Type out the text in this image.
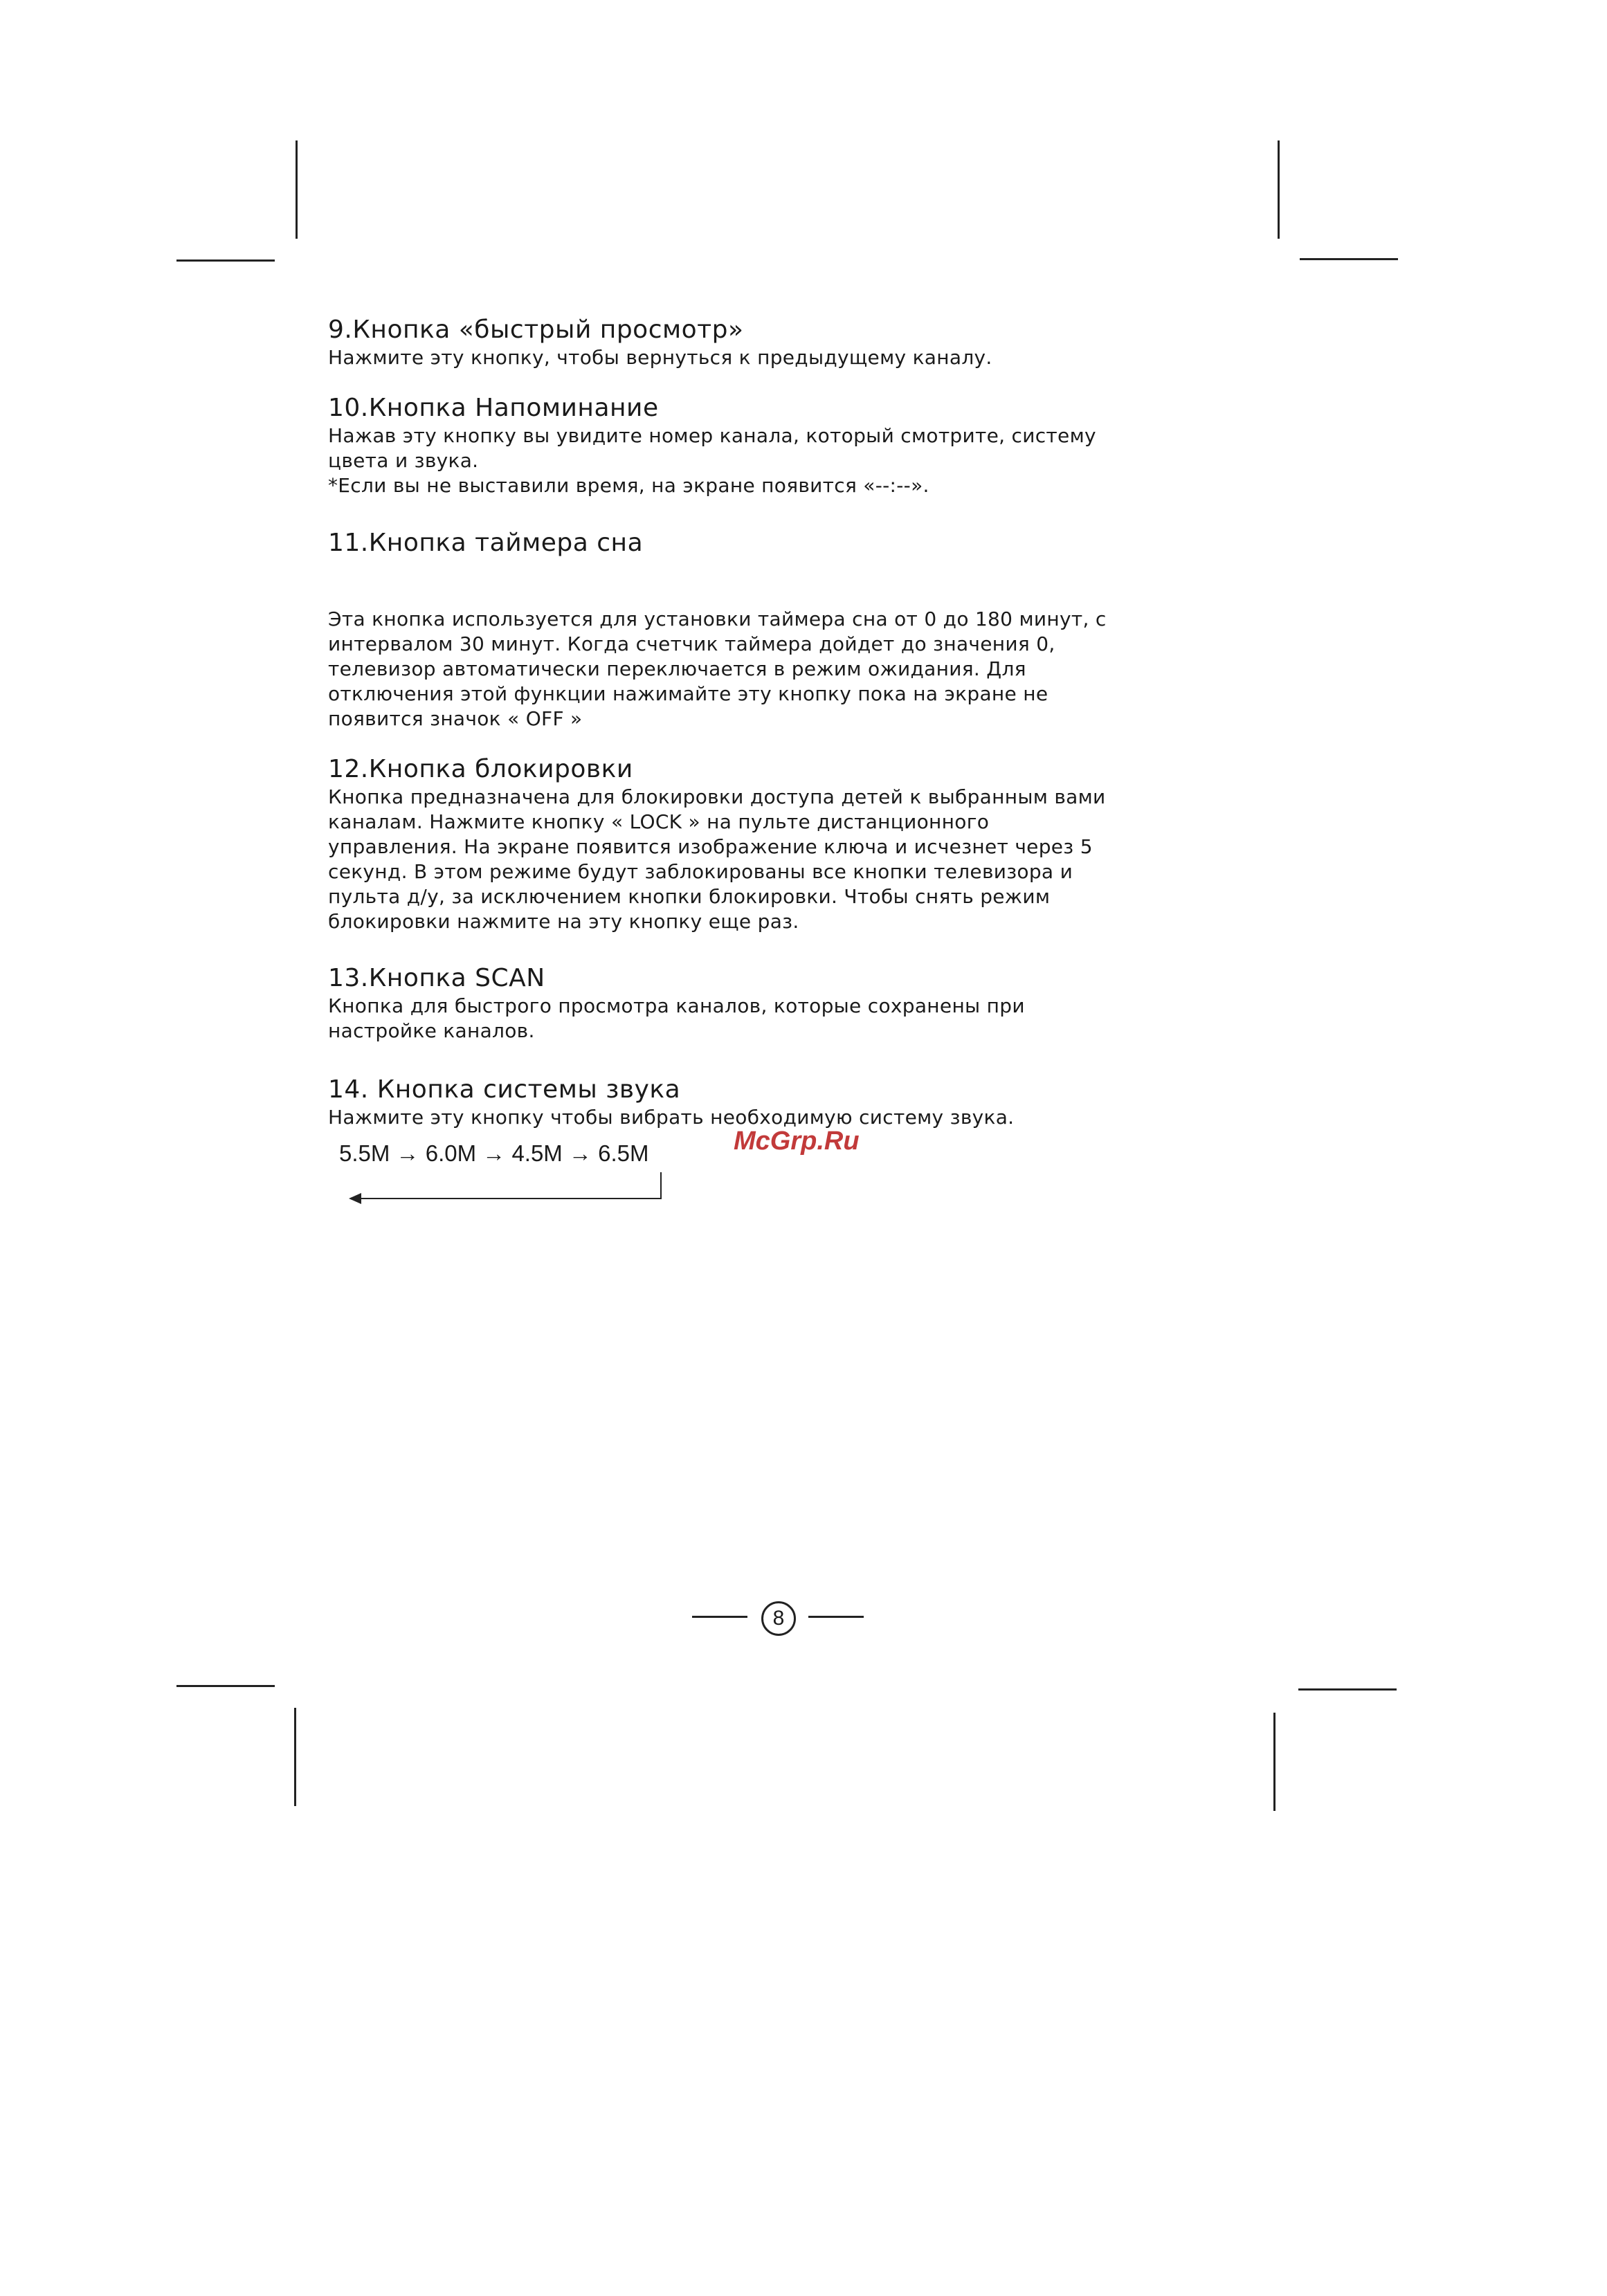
9.Кнопка «быстрый просмотр»

Нажмите эту кнопку, чтобы вернуться к предыдущему каналу.

10.Кнопка Напоминание

Нажав эту кнопку вы увидите номер канала, который смотрите, систему

цвета и звука.

*Если вы не выставили время, на экране появится «--:--».

11.Кнопка таймера сна

Эта кнопка используется для установки таймера сна от 0 до 180 минут, с

интервалом 30 минут. Когда счетчик таймера дойдет до значения 0,

телевизор автоматически переключается в режим ожидания. Для

отключения этой функции нажимайте эту кнопку пока на экране не

появится значок « OFF »

12.Кнопка блокировки

Кнопка предназначена для блокировки доступа детей к выбранным вами

каналам. Нажмите кнопку « LOCK » на пульте дистанционного

управления. На экране появится изображение ключа и исчезнет через 5

секунд. В этом режиме будут заблокированы все кнопки телевизора и

пульта д/у, за исключением кнопки блокировки. Чтобы снять режим

блокировки нажмите на эту кнопку еще раз.

13.Кнопка SCAN

Кнопка для быстрого просмотра каналов, которые сохранены при

настройке каналов.

14. Кнопка системы звука

Нажмите эту кнопку чтобы вибрать необходимую систему звука.

McGrp.Ru
5.5M → 6.0M → 4.5M → 6.5M
8
